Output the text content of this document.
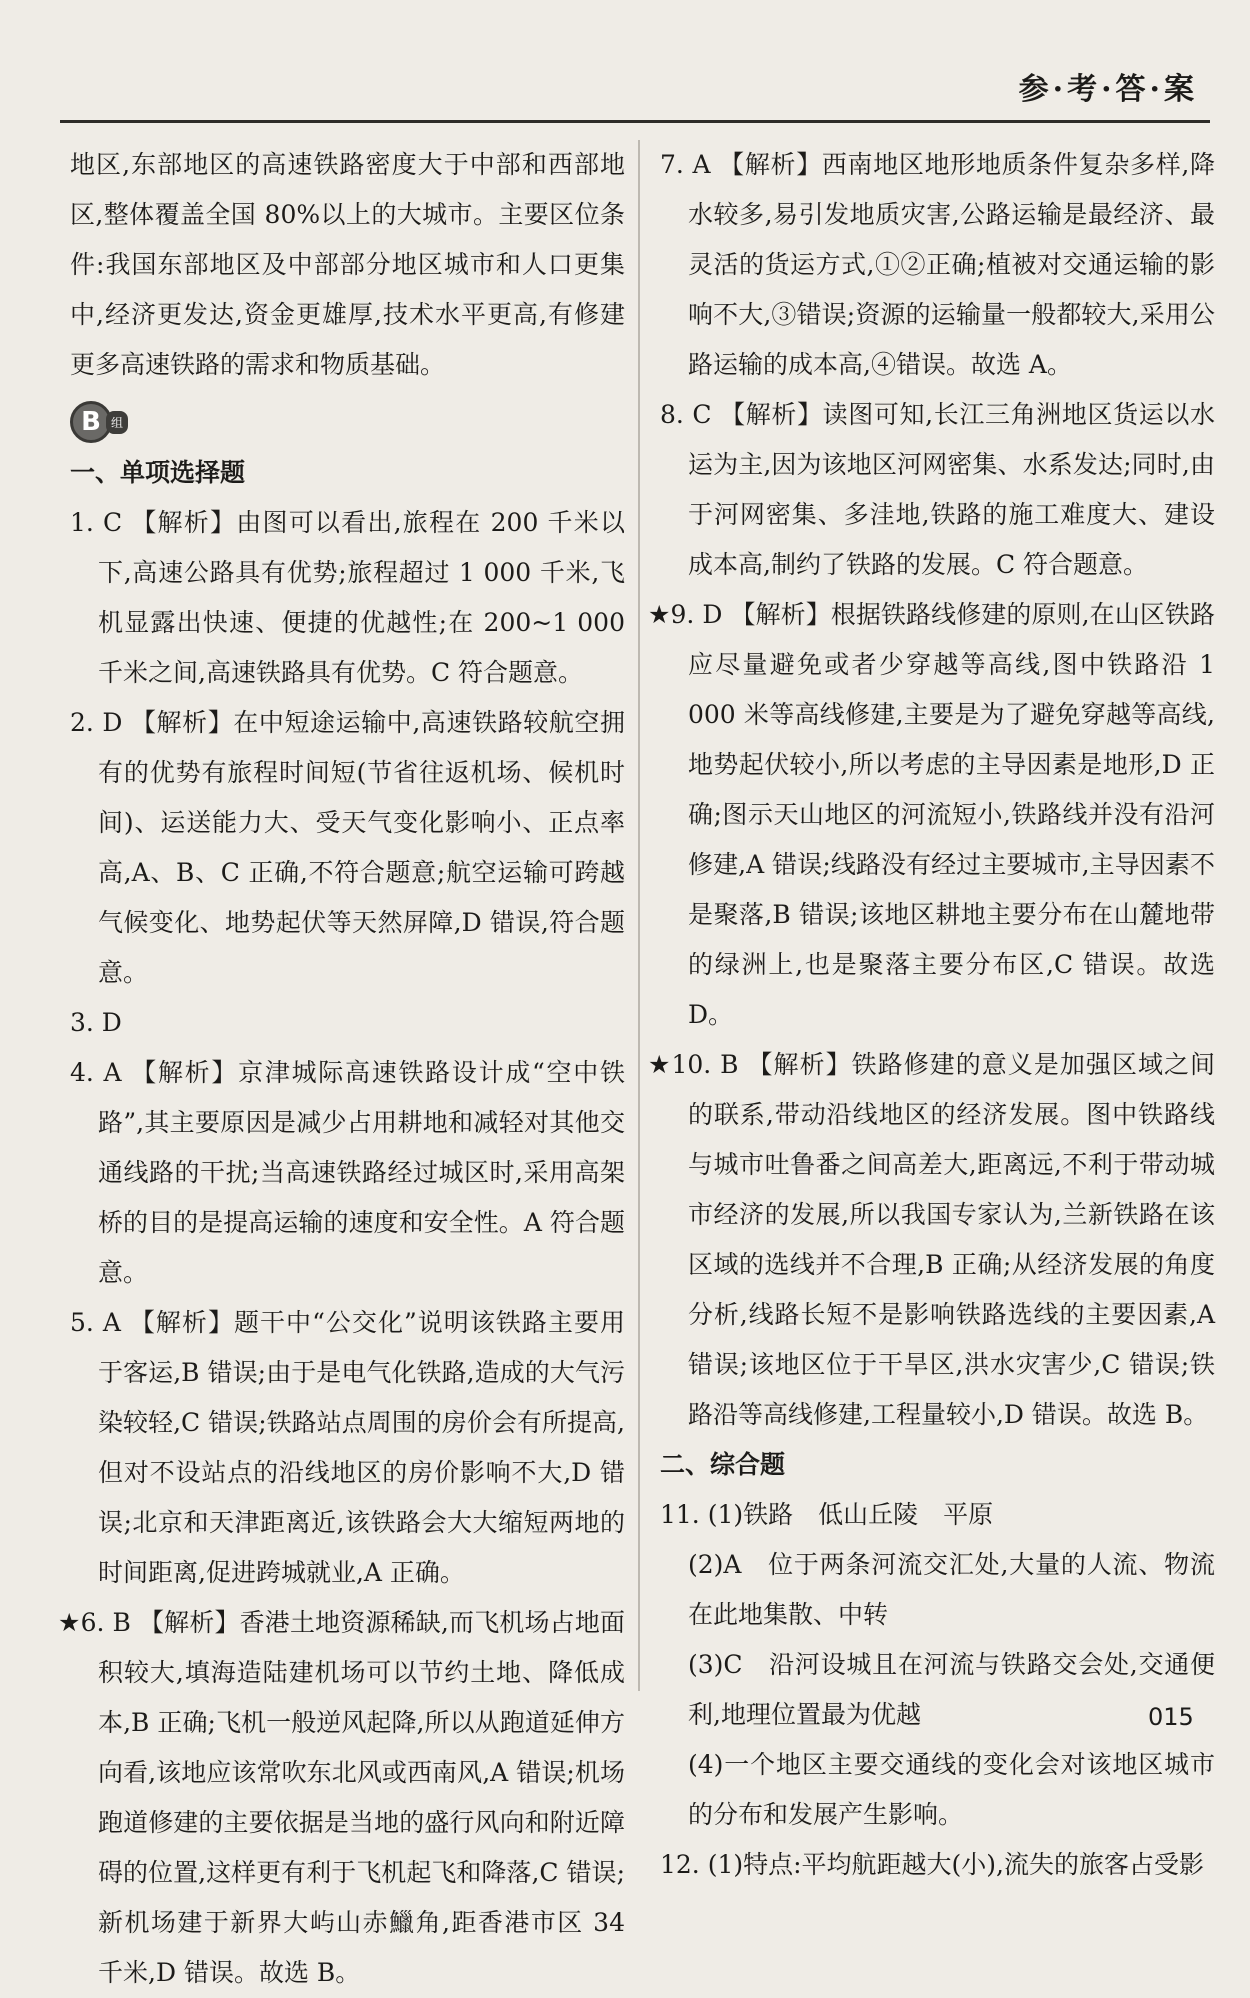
参·考·答·案

地区,东部地区的高速铁路密度大于中部和西部地区,整体覆盖全国 80%以上的大城市。主要区位条件:我国东部地区及中部部分地区城市和人口更集中,经济更发达,资金更雄厚,技术水平更高,有修建更多高速铁路的需求和物质基础。

B 组

一、单项选择题

1. C 【解析】由图可以看出,旅程在 200 千米以下,高速公路具有优势;旅程超过 1 000 千米,飞机显露出快速、便捷的优越性;在 200~1 000 千米之间,高速铁路具有优势。C 符合题意。

2. D 【解析】在中短途运输中,高速铁路较航空拥有的优势有旅程时间短(节省往返机场、候机时间)、运送能力大、受天气变化影响小、正点率高,A、B、C 正确,不符合题意;航空运输可跨越气候变化、地势起伏等天然屏障,D 错误,符合题意。

3. D

4. A 【解析】京津城际高速铁路设计成“空中铁路”,其主要原因是减少占用耕地和减轻对其他交通线路的干扰;当高速铁路经过城区时,采用高架桥的目的是提高运输的速度和安全性。A 符合题意。

5. A 【解析】题干中“公交化”说明该铁路主要用于客运,B 错误;由于是电气化铁路,造成的大气污染较轻,C 错误;铁路站点周围的房价会有所提高,但对不设站点的沿线地区的房价影响不大,D 错误;北京和天津距离近,该铁路会大大缩短两地的时间距离,促进跨城就业,A 正确。

★6. B 【解析】香港土地资源稀缺,而飞机场占地面积较大,填海造陆建机场可以节约土地、降低成本,B 正确;飞机一般逆风起降,所以从跑道延伸方向看,该地应该常吹东北风或西南风,A 错误;机场跑道修建的主要依据是当地的盛行风向和附近障碍的位置,这样更有利于飞机起飞和降落,C 错误;新机场建于新界大屿山赤鱲角,距香港市区 34 千米,D 错误。故选 B。

7. A 【解析】西南地区地形地质条件复杂多样,降水较多,易引发地质灾害,公路运输是最经济、最灵活的货运方式,①②正确;植被对交通运输的影响不大,③错误;资源的运输量一般都较大,采用公路运输的成本高,④错误。故选 A。

8. C 【解析】读图可知,长江三角洲地区货运以水运为主,因为该地区河网密集、水系发达;同时,由于河网密集、多洼地,铁路的施工难度大、建设成本高,制约了铁路的发展。C 符合题意。

★9. D 【解析】根据铁路线修建的原则,在山区铁路应尽量避免或者少穿越等高线,图中铁路沿 1 000 米等高线修建,主要是为了避免穿越等高线,地势起伏较小,所以考虑的主导因素是地形,D 正确;图示天山地区的河流短小,铁路线并没有沿河修建,A 错误;线路没有经过主要城市,主导因素不是聚落,B 错误;该地区耕地主要分布在山麓地带的绿洲上,也是聚落主要分布区,C 错误。故选 D。

★10. B 【解析】铁路修建的意义是加强区域之间的联系,带动沿线地区的经济发展。图中铁路线与城市吐鲁番之间高差大,距离远,不利于带动城市经济的发展,所以我国专家认为,兰新铁路在该区域的选线并不合理,B 正确;从经济发展的角度分析,线路长短不是影响铁路选线的主要因素,A 错误;该地区位于干旱区,洪水灾害少,C 错误;铁路沿等高线修建,工程量较小,D 错误。故选 B。

二、综合题

11. (1)铁路　低山丘陵　平原

(2)A　位于两条河流交汇处,大量的人流、物流在此地集散、中转

(3)C　沿河设城且在河流与铁路交会处,交通便利,地理位置最为优越

(4)一个地区主要交通线的变化会对该地区城市的分布和发展产生影响。

12. (1)特点:平均航距越大(小),流失的旅客占受影

015
